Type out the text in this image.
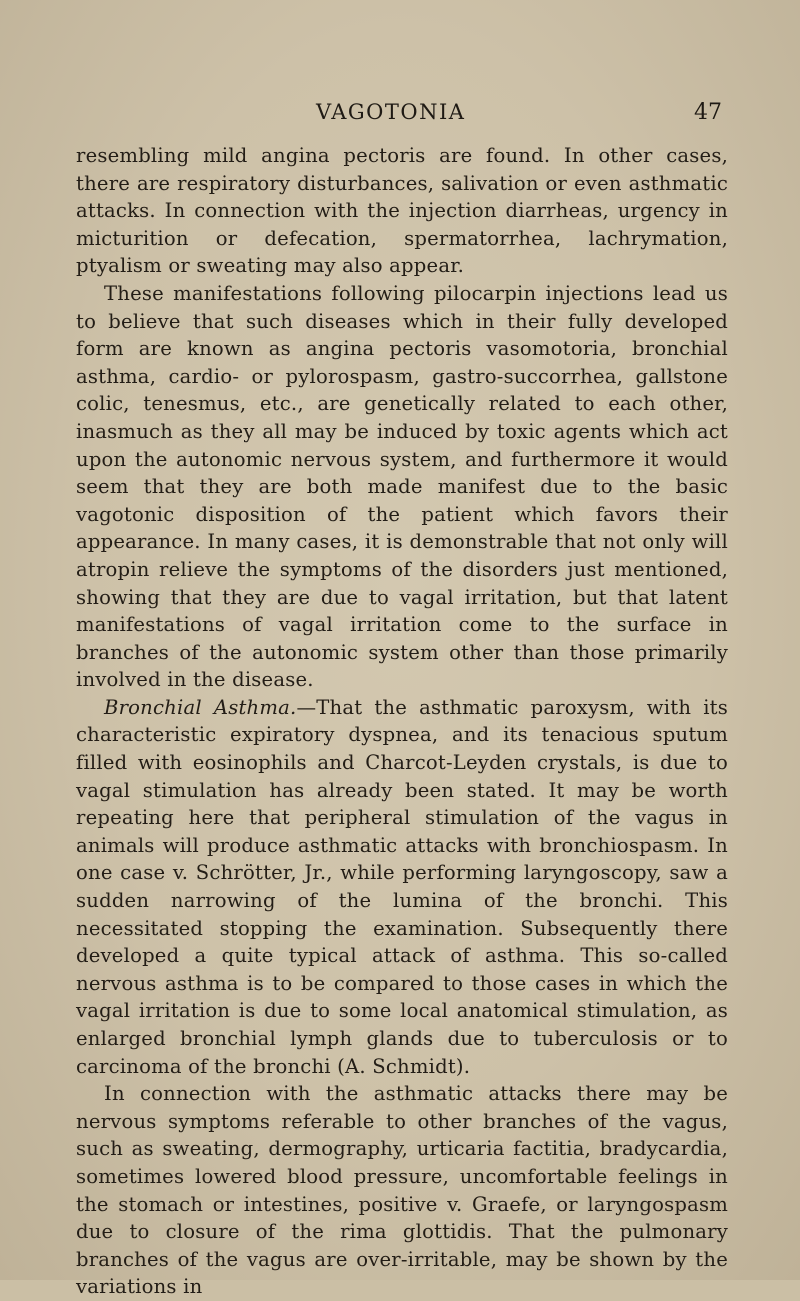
VAGOTONIA	47

resembling mild angina pectoris are found. In other cases, there are respiratory disturbances, salivation or even asthmatic attacks. In connection with the injection diarrheas, urgency in micturition or defecation, spermatorrhea, lachrymation, ptyalism or sweating may also appear.

These manifestations following pilocarpin injections lead us to believe that such diseases which in their fully developed form are known as angina pectoris vasomotoria, bronchial asthma, cardio- or pylorospasm, gastro-succorrhea, gallstone colic, tenesmus, etc., are genetically related to each other, inasmuch as they all may be induced by toxic agents which act upon the autonomic nervous system, and furthermore it would seem that they are both made manifest due to the basic vagotonic disposition of the patient which favors their appearance. In many cases, it is demonstrable that not only will atropin relieve the symptoms of the disorders just mentioned, showing that they are due to vagal irritation, but that latent manifestations of vagal irritation come to the surface in branches of the autonomic system other than those primarily involved in the disease.

Bronchial Asthma.—That the asthmatic paroxysm, with its characteristic expiratory dyspnea, and its tenacious sputum filled with eosinophils and Charcot-Leyden crystals, is due to vagal stimulation has already been stated. It may be worth repeating here that peripheral stimulation of the vagus in animals will produce asthmatic attacks with bronchiospasm. In one case v. Schrötter, Jr., while performing laryngoscopy, saw a sudden narrowing of the lumina of the bronchi. This necessitated stopping the examination. Subsequently there developed a quite typical attack of asthma. This so-called nervous asthma is to be compared to those cases in which the vagal irritation is due to some local anatomical stimulation, as enlarged bronchial lymph glands due to tuberculosis or to carcinoma of the bronchi (A. Schmidt).

In connection with the asthmatic attacks there may be nervous symptoms referable to other branches of the vagus, such as sweating, dermography, urticaria factitia, bradycardia, sometimes lowered blood pressure, uncomfortable feelings in the stomach or intestines, positive v. Graefe, or laryngospasm due to closure of the rima glottidis. That the pulmonary branches of the vagus are over-irritable, may be shown by the variations in
